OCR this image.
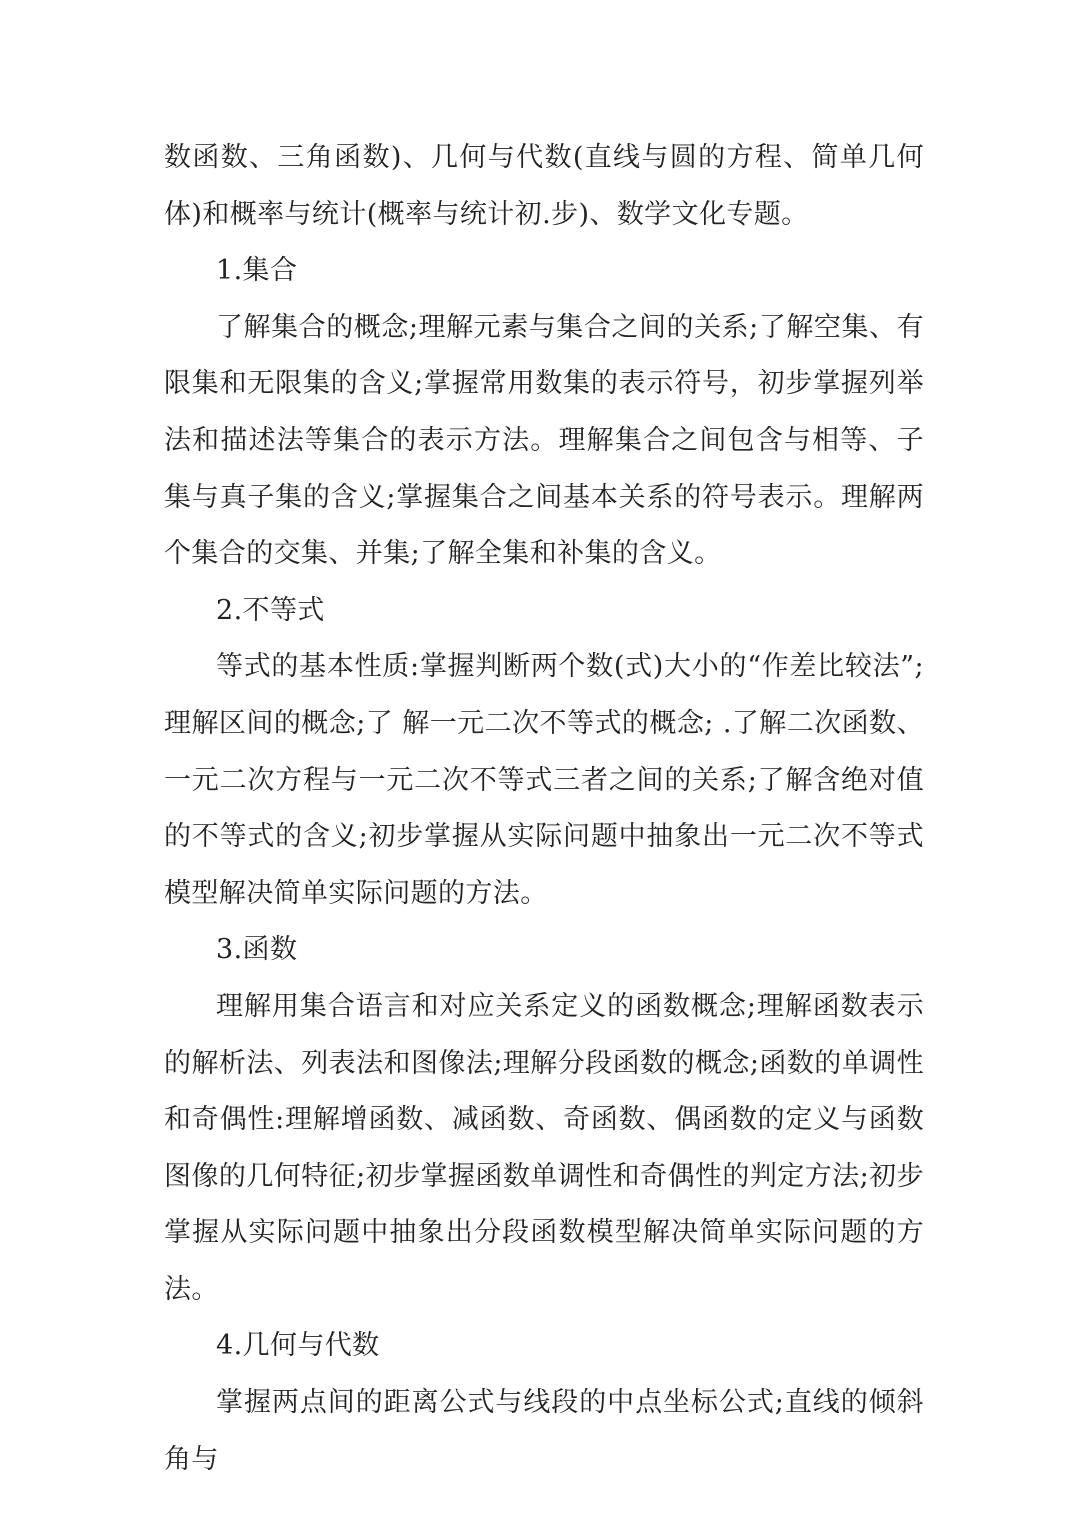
数函数、三角函数)、几何与代数(直线与圆的方程、简单几何体)和概率与统计(概率与统计初.步)、数学文化专题。

1.集合

了解集合的概念;理解元素与集合之间的关系;了解空集、有限集和无限集的含义;掌握常用数集的表示符号，初步掌握列举法和描述法等集合的表示方法。理解集合之间包含与相等、子集与真子集的含义;掌握集合之间基本关系的符号表示。理解两个集合的交集、并集;了解全集和补集的含义。

2.不等式

等式的基本性质:掌握判断两个数(式)大小的“作差比较法”;理解区间的概念;了 解一元二次不等式的概念; .了解二次函数、一元二次方程与一元二次不等式三者之间的关系;了解含绝对值的不等式的含义;初步掌握从实际问题中抽象出一元二次不等式模型解决简单实际问题的方法。

3.函数

理解用集合语言和对应关系定义的函数概念;理解函数表示的解析法、列表法和图像法;理解分段函数的概念;函数的单调性和奇偶性:理解增函数、减函数、奇函数、偶函数的定义与函数图像的几何特征;初步掌握函数单调性和奇偶性的判定方法;初步掌握从实际问题中抽象出分段函数模型解决简单实际问题的方法。

4.几何与代数

掌握两点间的距离公式与线段的中点坐标公式;直线的倾斜角与
